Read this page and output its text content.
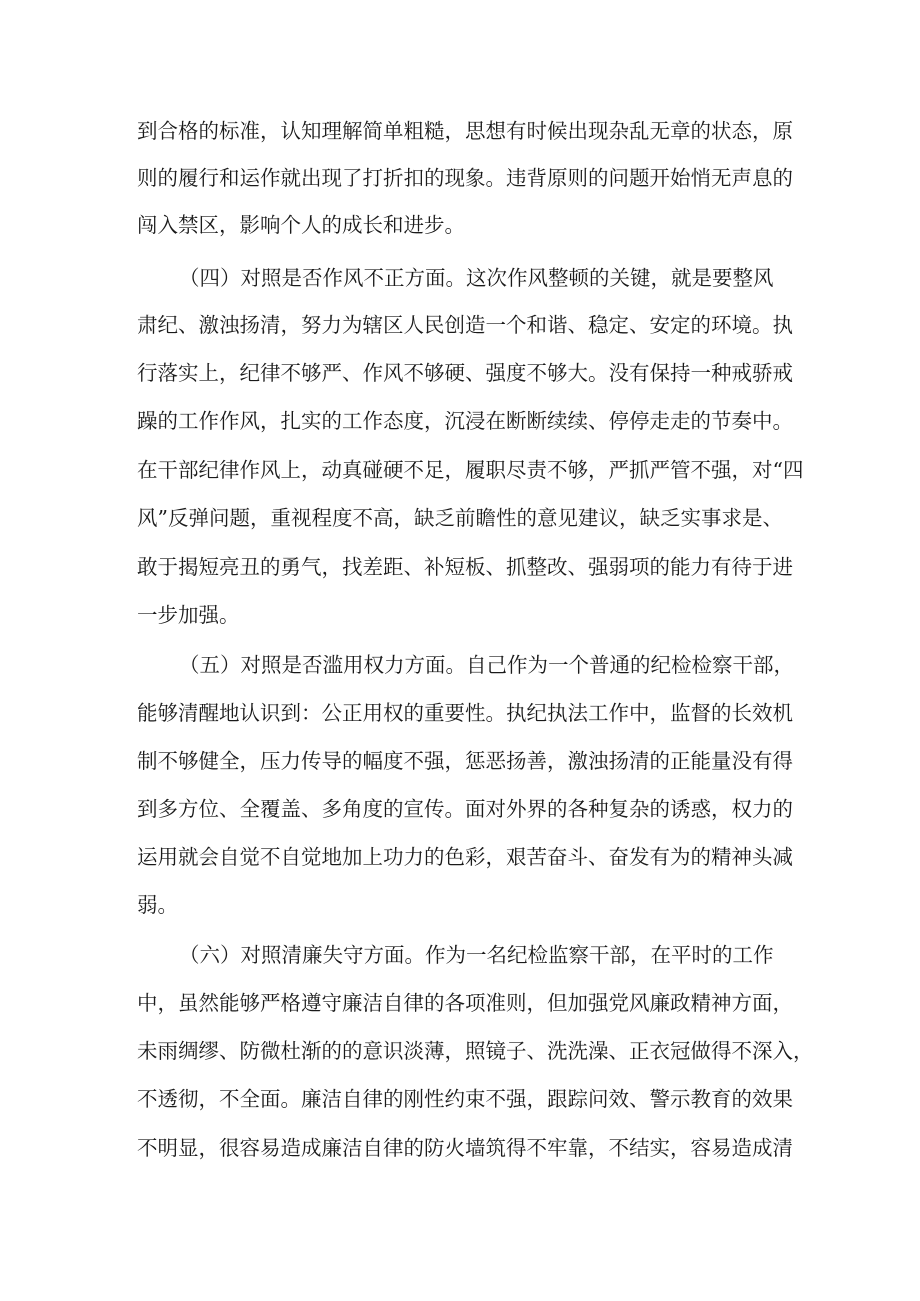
到合格的标准，认知理解简单粗糙，思想有时候出现杂乱无章的状态，原
则的履行和运作就出现了打折扣的现象。违背原则的问题开始悄无声息的
闯入禁区，影响个人的成长和进步。
（四）对照是否作风不正方面。这次作风整顿的关键，就是要整风
肃纪、激浊扬清，努力为辖区人民创造一个和谐、稳定、安定的环境。执
行落实上，纪律不够严、作风不够硬、强度不够大。没有保持一种戒骄戒
躁的工作作风，扎实的工作态度，沉浸在断断续续、停停走走的节奏中。
在干部纪律作风上，动真碰硬不足，履职尽责不够，严抓严管不强，对“四
风”反弹问题，重视程度不高，缺乏前瞻性的意见建议，缺乏实事求是、
敢于揭短亮丑的勇气，找差距、补短板、抓整改、强弱项的能力有待于进
一步加强。
（五）对照是否滥用权力方面。自己作为一个普通的纪检检察干部，
能够清醒地认识到：公正用权的重要性。执纪执法工作中，监督的长效机
制不够健全，压力传导的幅度不强，惩恶扬善，激浊扬清的正能量没有得
到多方位、全覆盖、多角度的宣传。面对外界的各种复杂的诱惑，权力的
运用就会自觉不自觉地加上功力的色彩，艰苦奋斗、奋发有为的精神头减
弱。
（六）对照清廉失守方面。作为一名纪检监察干部，在平时的工作
中，虽然能够严格遵守廉洁自律的各项准则，但加强党风廉政精神方面，
未雨绸缪、防微杜渐的的意识淡薄，照镜子、洗洗澡、正衣冠做得不深入，
不透彻，不全面。廉洁自律的刚性约束不强，跟踪问效、警示教育的效果
不明显，很容易造成廉洁自律的防火墙筑得不牢靠，不结实，容易造成清
